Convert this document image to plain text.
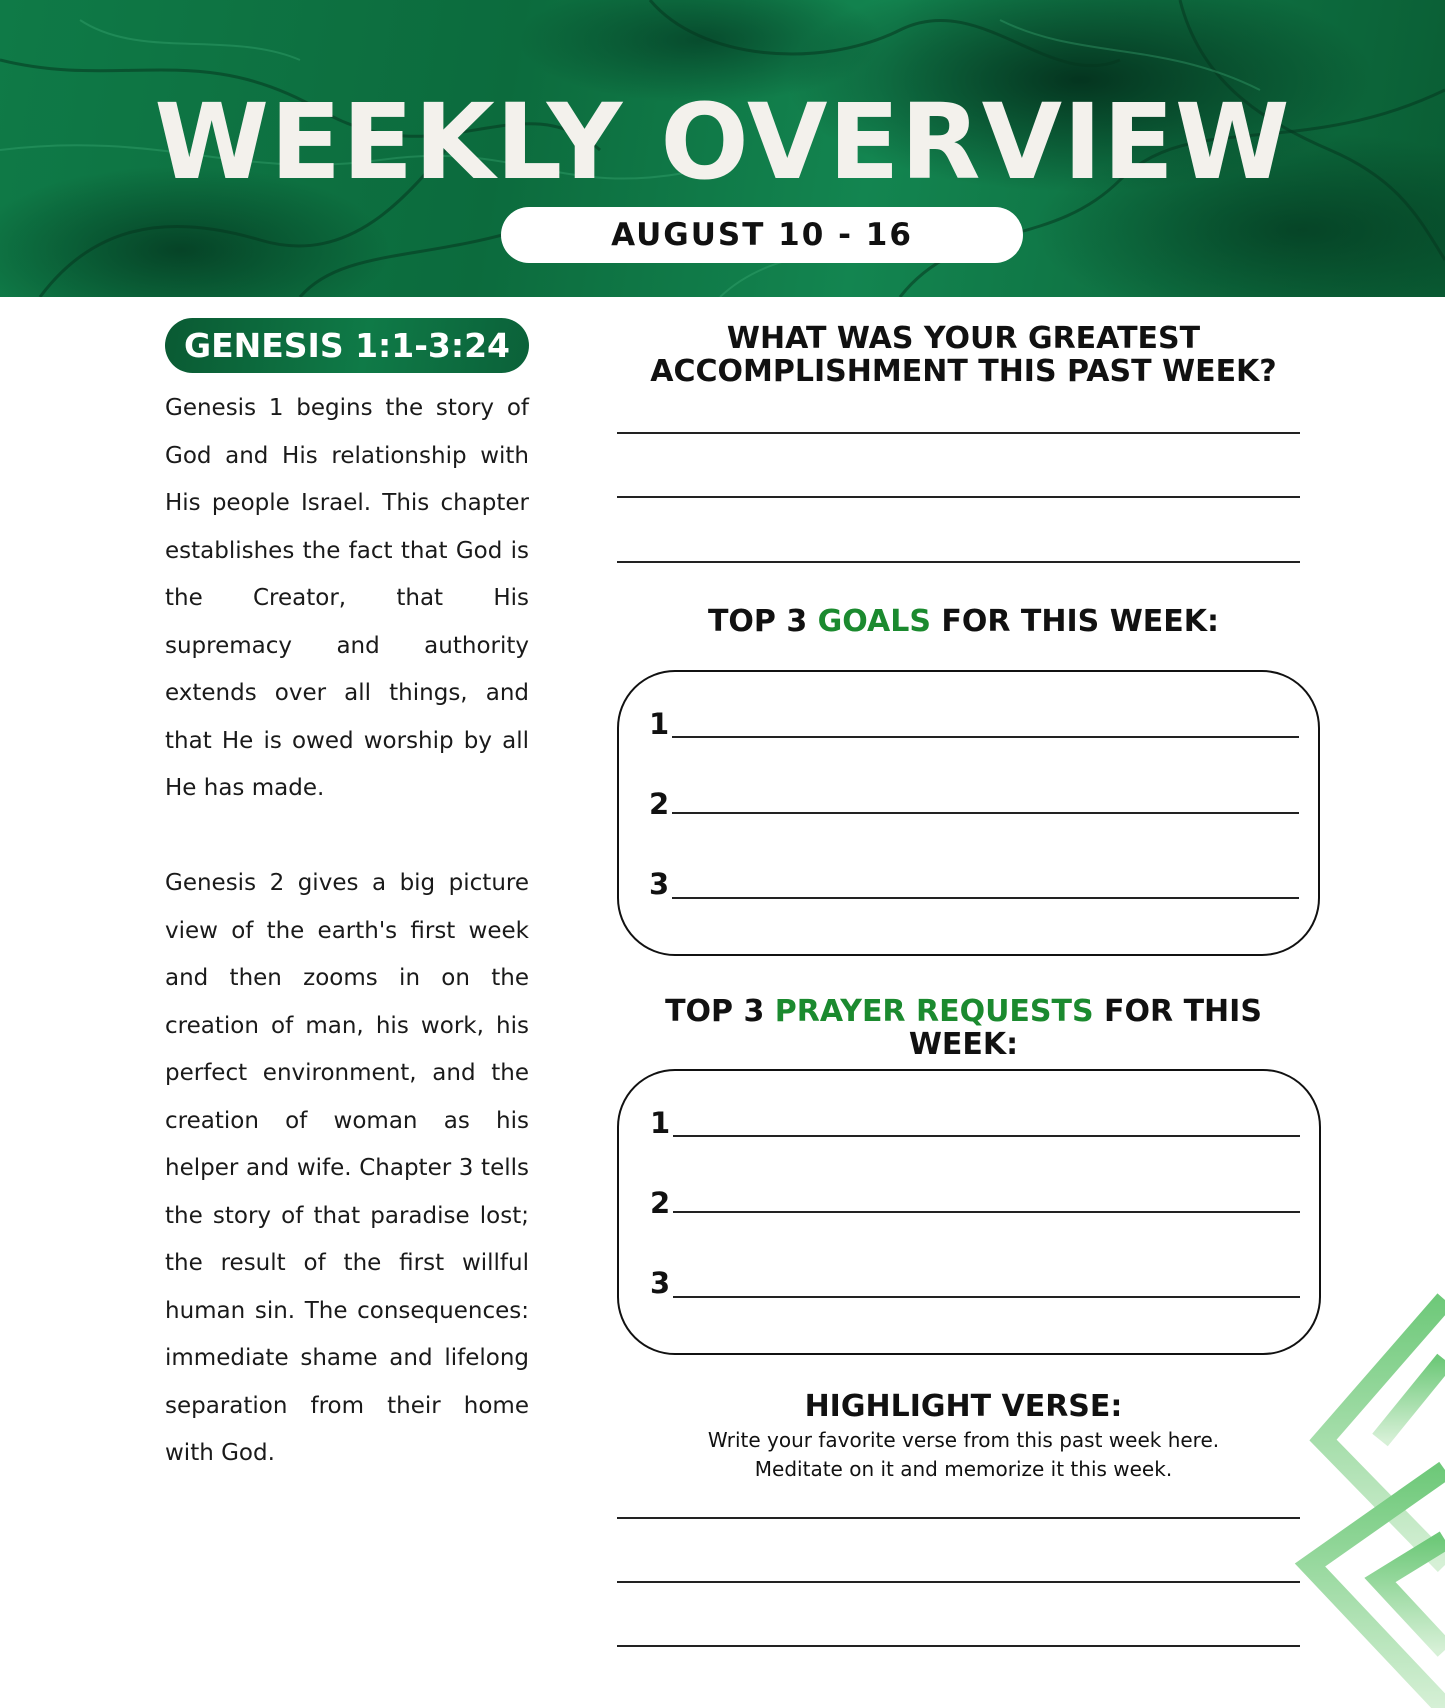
WEEKLY OVERVIEW
AUGUST 10 - 16
GENESIS 1:1-3:24

Genesis 1 begins the story of God and His relationship with His people Israel. This chapter establishes the fact that God is the Creator, that His supremacy and authority extends over all things, and that He is owed worship by all He has made.

Genesis 2 gives a big picture view of the earth's first week and then zooms in on the creation of man, his work, his perfect environment, and the creation of woman as his helper and wife. Chapter 3 tells the story of that paradise lost; the result of the first willful human sin. The consequences: immediate shame and lifelong separation from their home with God.

WHAT WAS YOUR GREATEST
ACCOMPLISHMENT THIS PAST WEEK?
TOP 3 GOALS FOR THIS WEEK:
1
2
3
TOP 3 PRAYER REQUESTS FOR THIS WEEK:
1
2
3
HIGHLIGHT VERSE:
Write your favorite verse from this past week here.
Meditate on it and memorize it this week.
